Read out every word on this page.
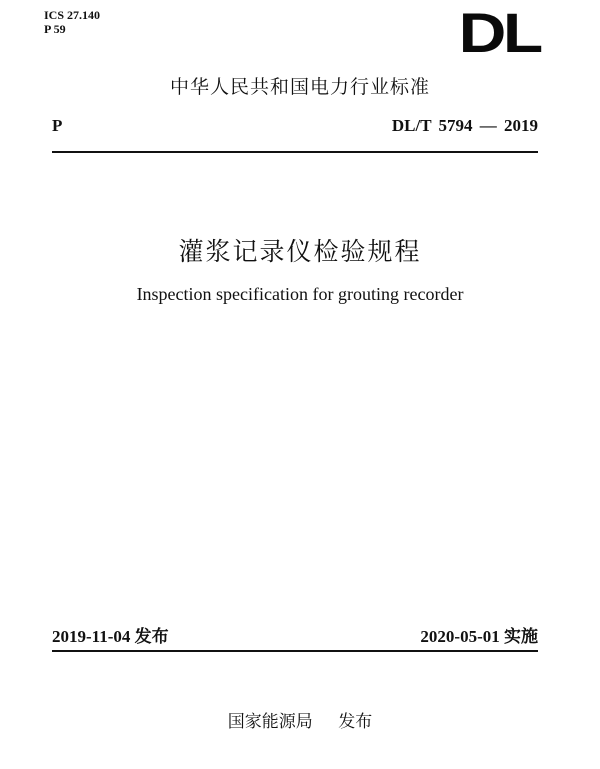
ICS 27.140
P 59	DL
中华人民共和国电力行业标准
P	DL/T 5794 — 2019
灌浆记录仪检验规程
Inspection specification for grouting recorder
2019-11-04 发布	2020-05-01 实施
国家能源局 发布
